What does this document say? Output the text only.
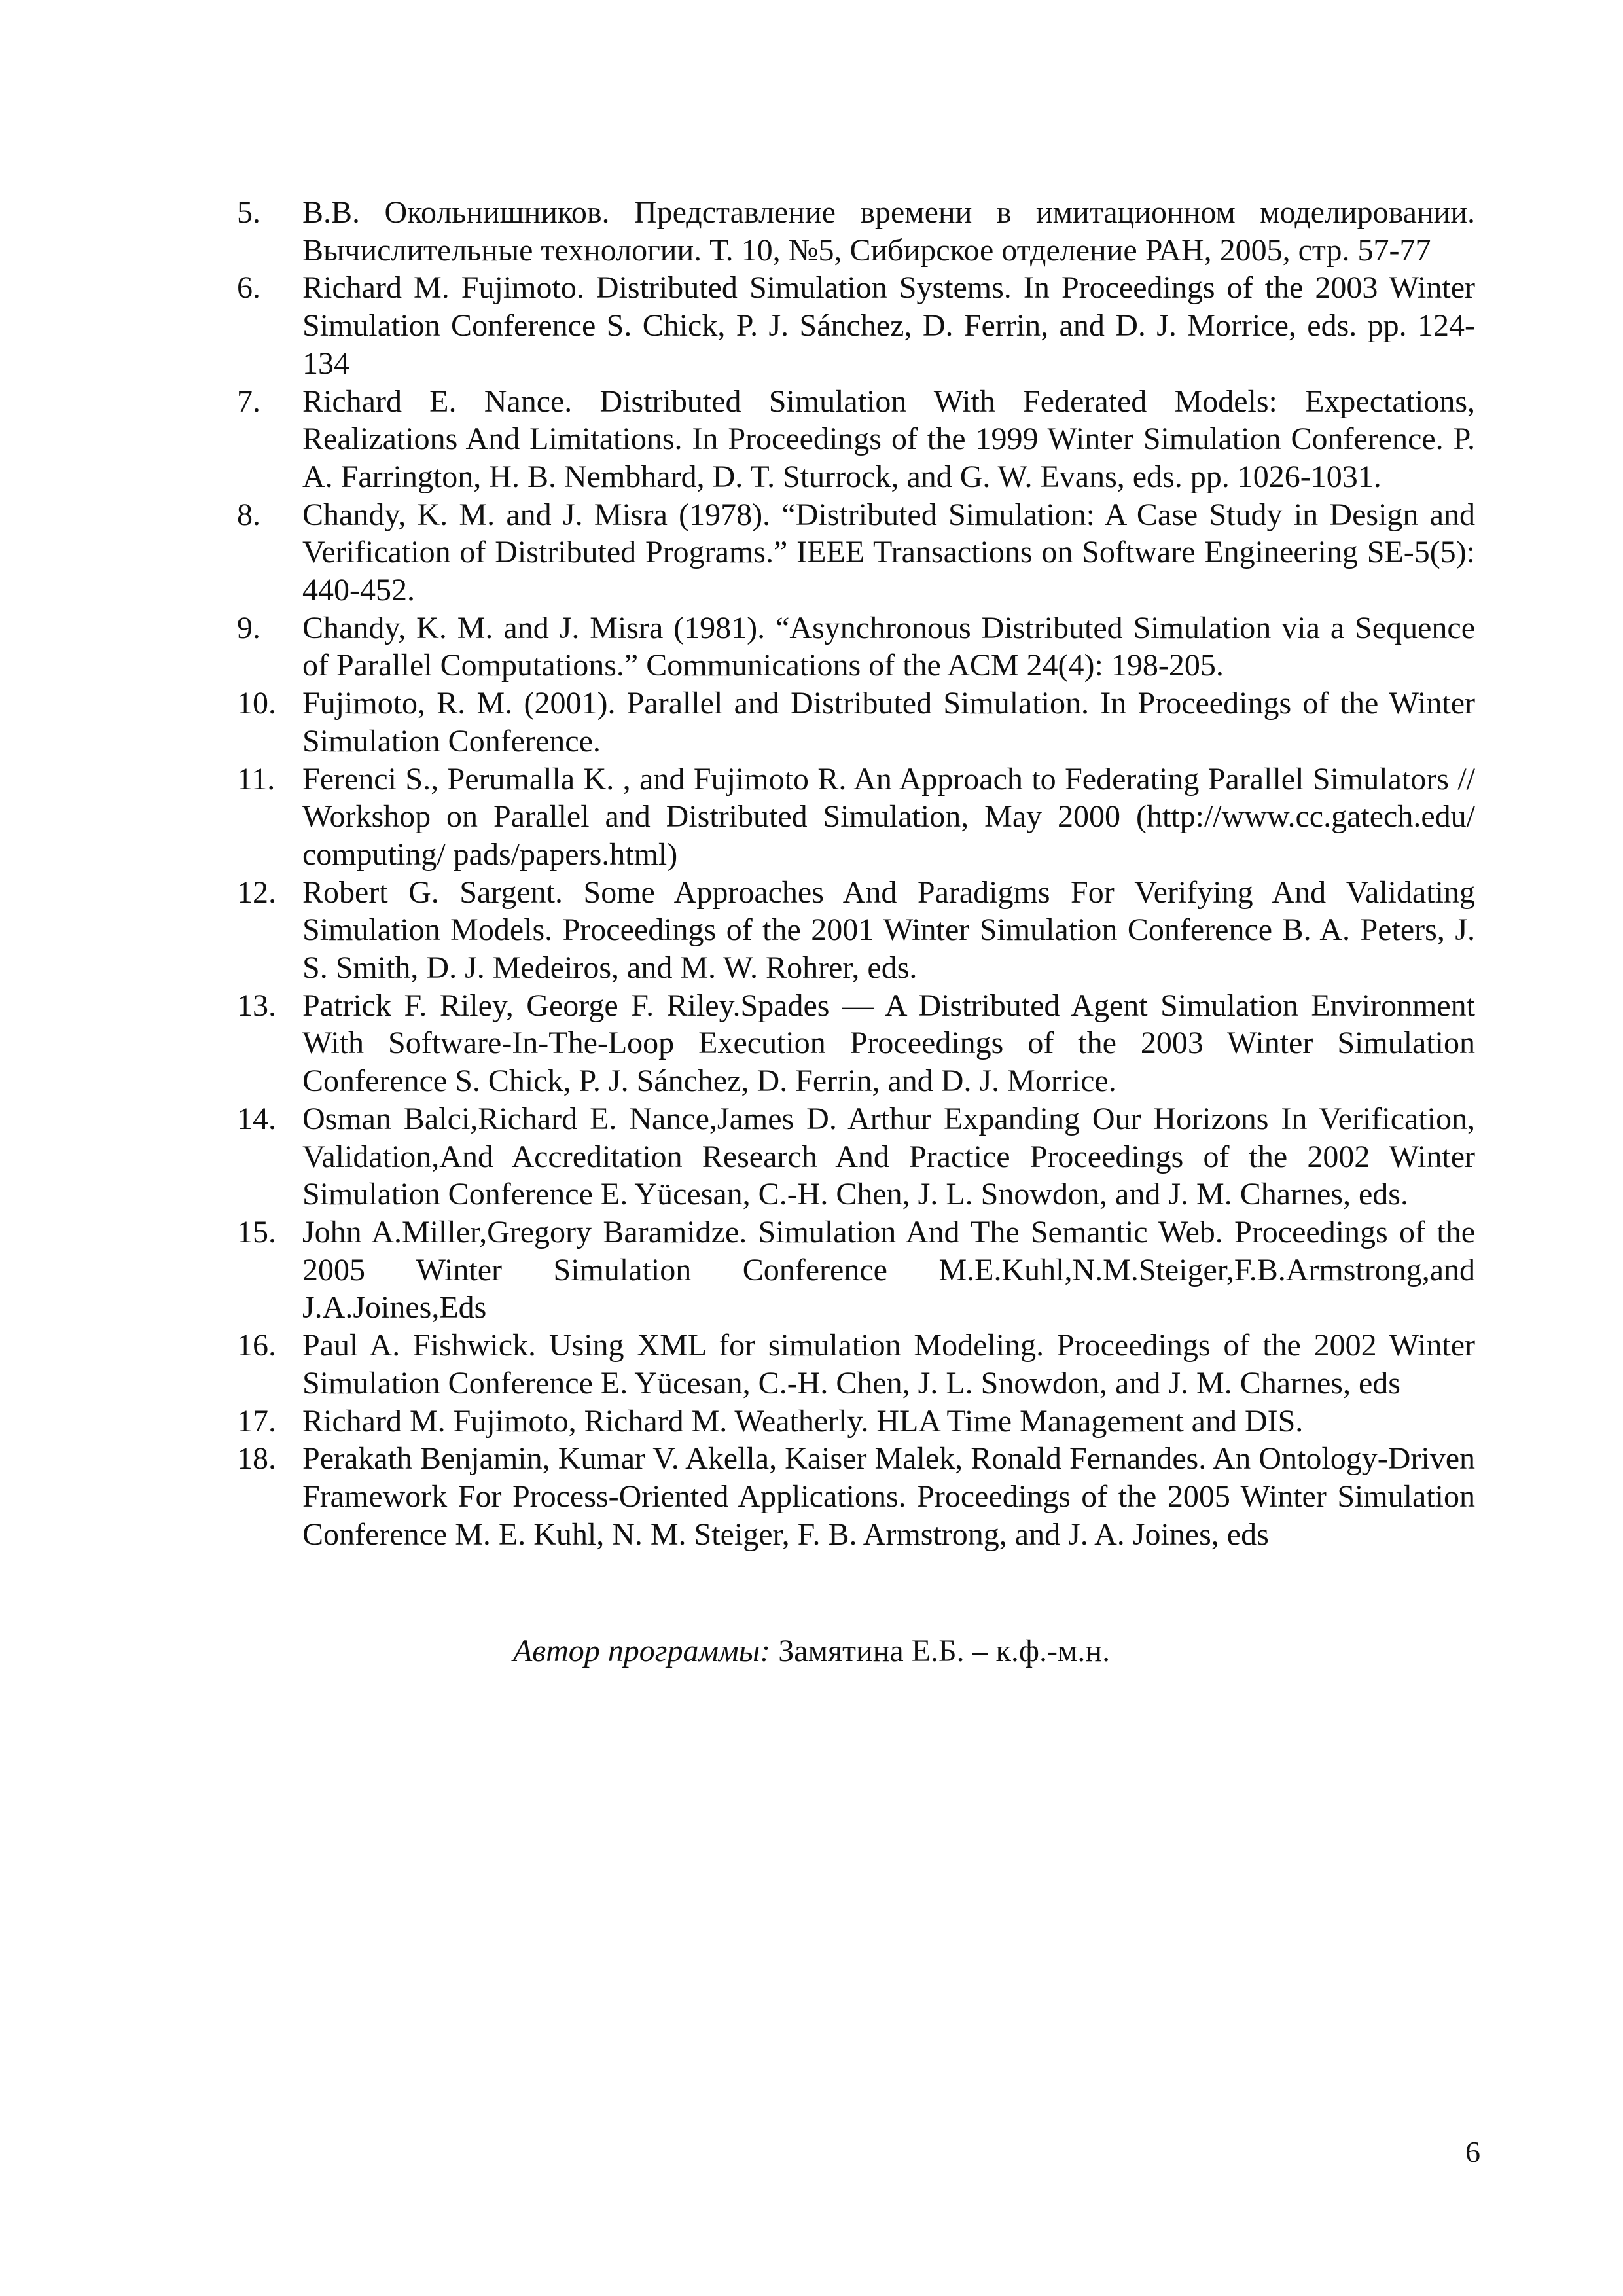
5.	В.В. Окольнишников. Представление времени в имитационном моделировании. Вычислительные технологии. Т. 10, №5, Сибирское отделение РАН, 2005, стр. 57-77
6.	Richard M. Fujimoto. Distributed Simulation Systems. In Proceedings of the 2003 Winter Simulation Conference S. Chick, P. J. Sánchez, D. Ferrin, and D. J. Morrice, eds. pp. 124-134
7.	Richard E. Nance. Distributed Simulation With Federated Models: Expectations, Realizations And Limitations. In Proceedings of the 1999 Winter Simulation Conference. P. A. Farrington, H. B. Nembhard, D. T. Sturrock, and G. W. Evans, eds. pp. 1026-1031.
8.	Chandy, K. M. and J. Misra (1978). “Distributed Simulation: A Case Study in Design and Verification of Distributed Programs.” IEEE Transactions on Software Engineering SE-5(5): 440-452.
9.	Chandy, K. M. and J. Misra (1981). “Asynchronous Distributed Simulation via a Sequence of Parallel Computations.” Communications of the ACM 24(4): 198-205.
10. Fujimoto, R. M. (2001). Parallel and Distributed Simulation. In Proceedings of the Winter Simulation Conference.
11. Ferenci S., Perumalla K. , and Fujimoto R. An Approach to Federating Parallel Simulators // Workshop on Parallel and Distributed Simulation, May 2000 (http://www.cc.gatech.edu/ computing/ pads/papers.html)
12. Robert G. Sargent. Some Approaches And Paradigms For Verifying And Validating Simulation Models. Proceedings of the 2001 Winter Simulation Conference B. A. Peters, J. S. Smith, D. J. Medeiros, and M. W. Rohrer, eds.
13. Patrick F. Riley, George F. Riley.Spades — A Distributed Agent Simulation Environment With Software-In-The-Loop Execution Proceedings of the 2003 Winter Simulation Conference S. Chick, P. J. Sánchez, D. Ferrin, and D. J. Morrice.
14. Osman Balci,Richard E. Nance,James D. Arthur Expanding Our Horizons In Verification, Validation,And Accreditation Research And Practice Proceedings of the 2002 Winter Simulation Conference E. Yücesan, C.-H. Chen, J. L. Snowdon, and J. M. Charnes, eds.
15. John A.Miller,Gregory Baramidze. Simulation And The Semantic Web. Proceedings of the 2005 Winter Simulation Conference M.E.Kuhl,N.M.Steiger,F.B.Armstrong,and J.A.Joines,Eds
16. Paul A. Fishwick. Using XML for simulation Modeling. Proceedings of the 2002 Winter Simulation Conference E. Yücesan, C.-H. Chen, J. L. Snowdon, and J. M. Charnes, eds
17. Richard M. Fujimoto, Richard M. Weatherly. HLA Time Management and DIS.
18. Perakath Benjamin, Kumar V. Akella, Kaiser Malek, Ronald Fernandes. An Ontology-Driven Framework For Process-Oriented Applications. Proceedings of the 2005 Winter Simulation Conference M. E. Kuhl, N. M. Steiger, F. B. Armstrong, and J. A. Joines, eds
Автор программы: Замятина Е.Б. – к.ф.-м.н.
6
